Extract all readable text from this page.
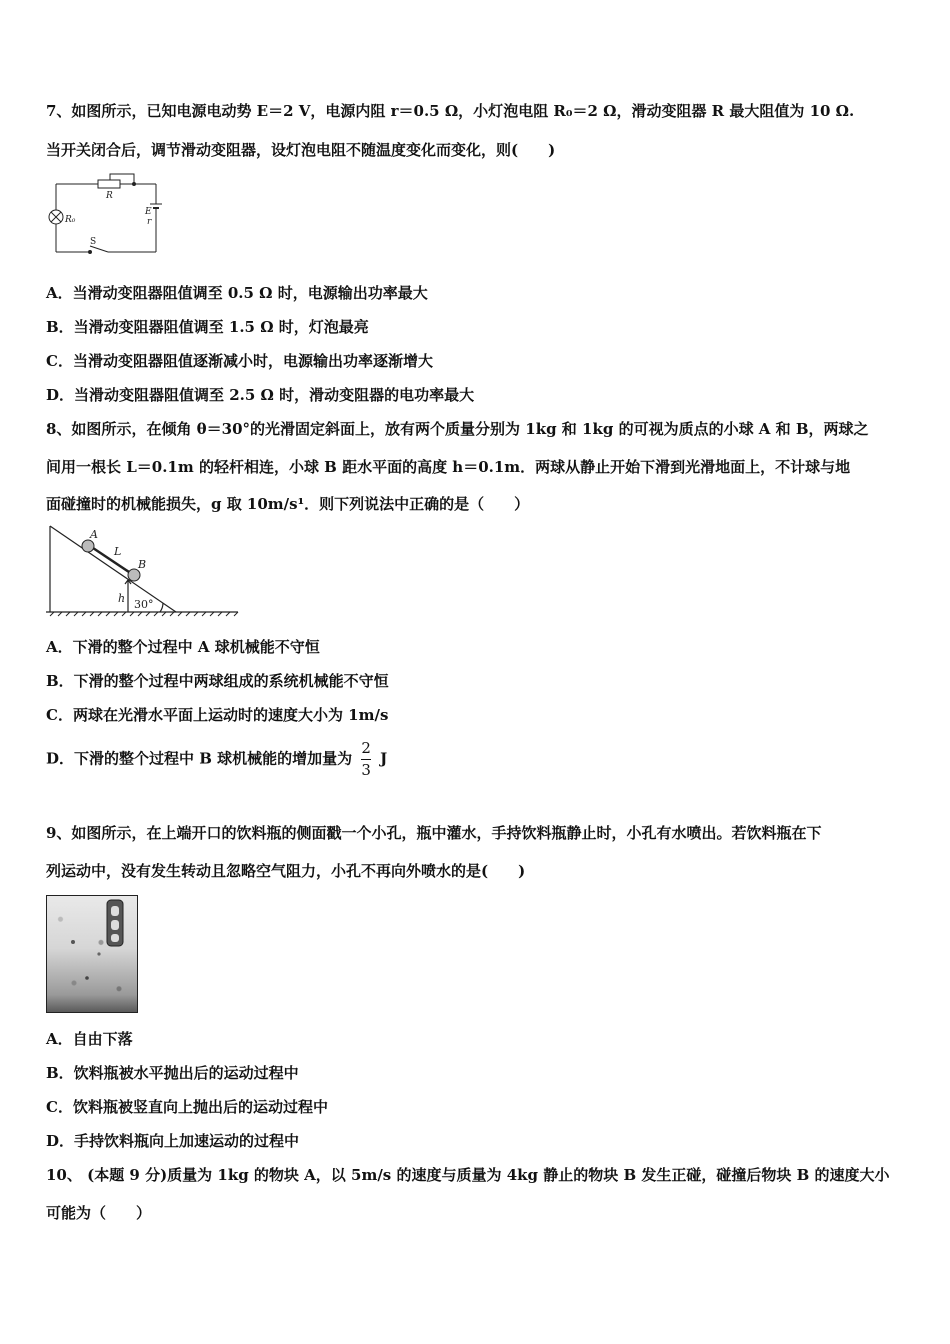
7、如图所示，已知电源电动势 E＝2 V，电源内阻 r＝0.5 Ω，小灯泡电阻 R₀＝2 Ω，滑动变阻器 R 最大阻值为 10 Ω.
当开关闭合后，调节滑动变阻器，设灯泡电阻不随温度变化而变化，则(　　)
R
R₀
E
r
S
A．当滑动变阻器阻值调至 0.5 Ω 时，电源输出功率最大
B．当滑动变阻器阻值调至 1.5 Ω 时，灯泡最亮
C．当滑动变阻器阻值逐渐减小时，电源输出功率逐渐增大
D．当滑动变阻器阻值调至 2.5 Ω 时，滑动变阻器的电功率最大
8、如图所示，在倾角 θ＝30°的光滑固定斜面上，放有两个质量分别为 1kg 和 1kg 的可视为质点的小球 A 和 B，两球之
间用一根长 L＝0.1m 的轻杆相连，小球 B 距水平面的高度 h＝0.1m．两球从静止开始下滑到光滑地面上，不计球与地
面碰撞时的机械能损失，g 取 10m/s¹．则下列说法中正确的是（　　）
A
L
B
h 30°
A．下滑的整个过程中 A 球机械能不守恒
B．下滑的整个过程中两球组成的系统机械能不守恒
C．两球在光滑水平面上运动时的速度大小为 1m/s
D．下滑的整个过程中 B 球机械能的增加量为 $\frac{2}{3}$ J
9、如图所示，在上端开口的饮料瓶的侧面戳一个小孔，瓶中灌水，手持饮料瓶静止时，小孔有水喷出。若饮料瓶在下
列运动中，没有发生转动且忽略空气阻力，小孔不再向外喷水的是(　　)
A．自由下落
B．饮料瓶被水平抛出后的运动过程中
C．饮料瓶被竖直向上抛出后的运动过程中
D．手持饮料瓶向上加速运动的过程中
10、 (本题 9 分)质量为 1kg 的物块 A，以 5m/s 的速度与质量为 4kg 静止的物块 B 发生正碰，碰撞后物块 B 的速度大小
可能为（　　）
